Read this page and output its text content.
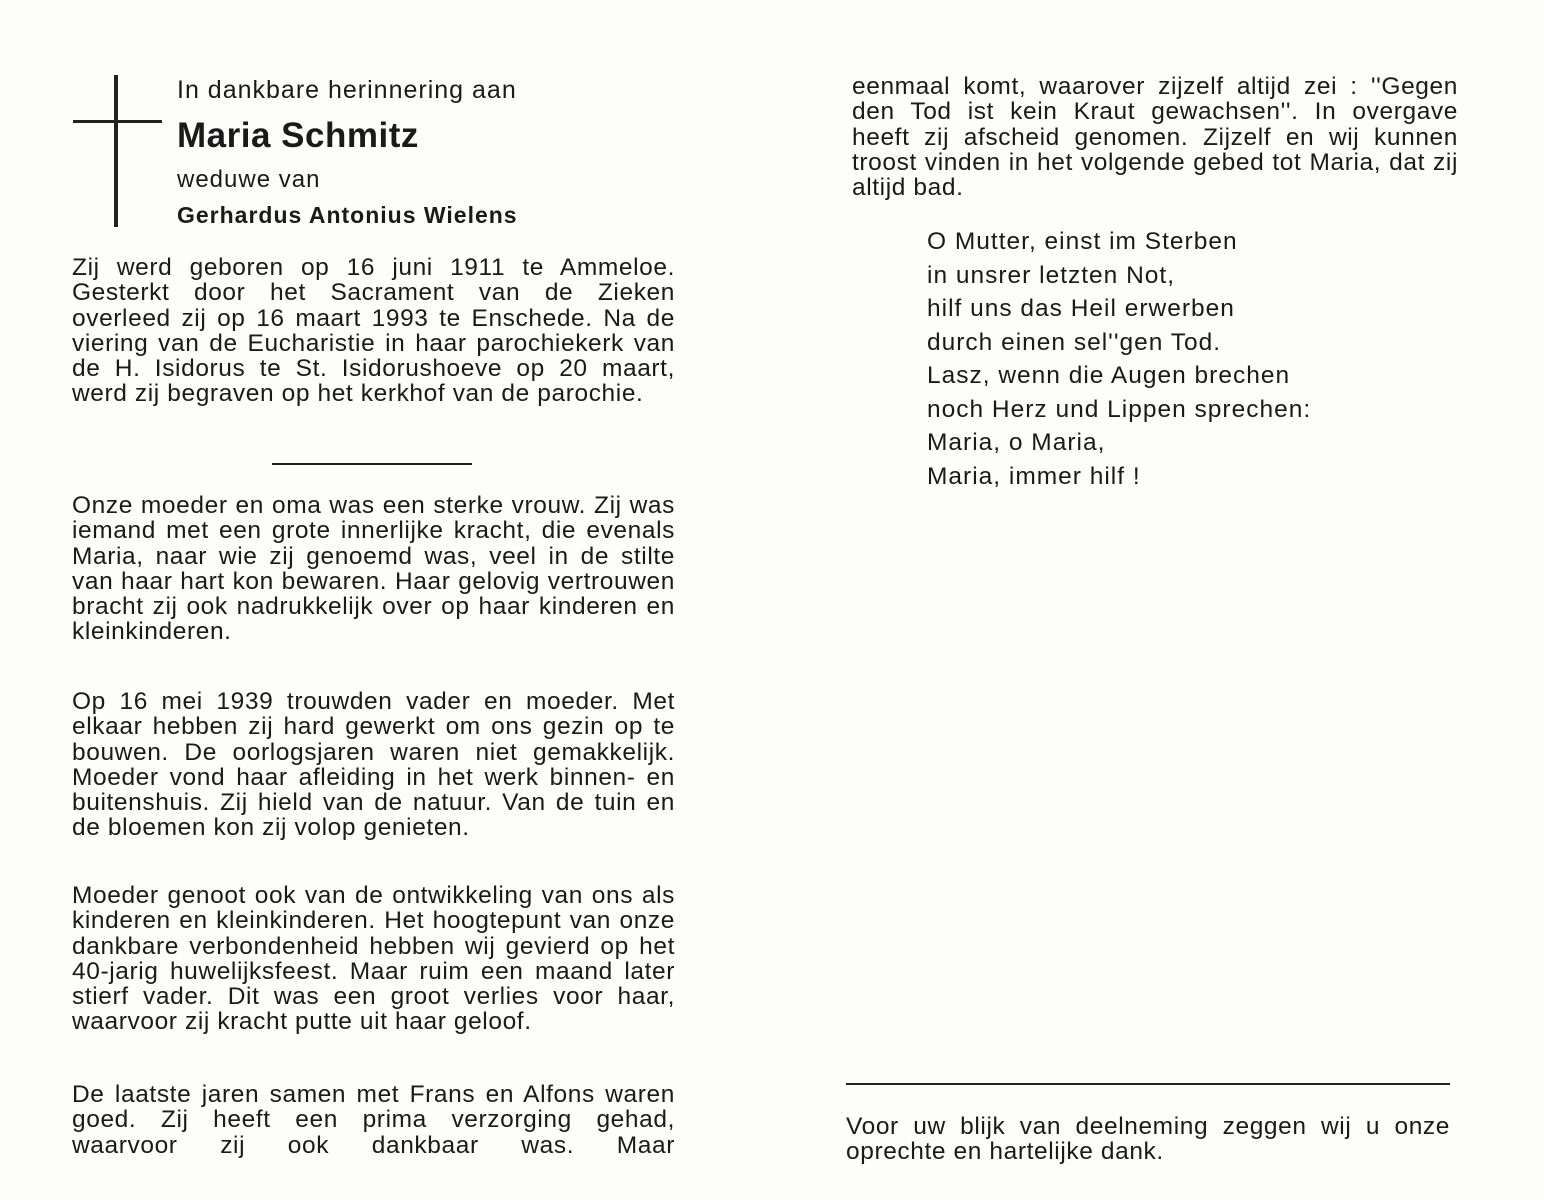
In dankbare herinnering aan
Maria Schmitz
weduwe van
Gerhardus Antonius Wielens

Zij werd geboren op 16 juni 1911 te Ammeloe. Gesterkt door het Sacrament van de Zieken overleed zij op 16 maart 1993 te Enschede. Na de viering van de Eucharistie in haar parochiekerk van de H. Isidorus te St. Isidorushoeve op 20 maart, werd zij begraven op het kerkhof van de parochie.

Onze moeder en oma was een sterke vrouw. Zij was iemand met een grote innerlijke kracht, die evenals Maria, naar wie zij genoemd was, veel in de stilte van haar hart kon bewaren. Haar gelovig vertrouwen bracht zij ook nadrukkelijk over op haar kinderen en kleinkinderen.

Op 16 mei 1939 trouwden vader en moeder. Met elkaar hebben zij hard gewerkt om ons gezin op te bouwen. De oorlogsjaren waren niet gemakkelijk. Moeder vond haar afleiding in het werk binnen- en buitenshuis. Zij hield van de natuur. Van de tuin en de bloemen kon zij volop genieten.

Moeder genoot ook van de ontwikkeling van ons als kinderen en kleinkinderen. Het hoogtepunt van onze dankbare verbondenheid hebben wij gevierd op het 40-jarig huwelijksfeest. Maar ruim een maand later stierf vader. Dit was een groot verlies voor haar, waarvoor zij kracht putte uit haar geloof.

De laatste jaren samen met Frans en Alfons waren goed. Zij heeft een prima verzorging gehad, waarvoor zij ook dankbaar was. Maar

eenmaal komt, waarover zijzelf altijd zei : ''Gegen den Tod ist kein Kraut gewachsen''. In overgave heeft zij afscheid genomen. Zijzelf en wij kunnen troost vinden in het volgende gebed tot Maria, dat zij altijd bad.

O Mutter, einst im Sterben
in unsrer letzten Not,
hilf uns das Heil erwerben
durch einen sel''gen Tod.
Lasz, wenn die Augen brechen
noch Herz und Lippen sprechen:
Maria, o Maria,
Maria, immer hilf !

Voor uw blijk van deelneming zeggen wij u onze oprechte en hartelijke dank.
